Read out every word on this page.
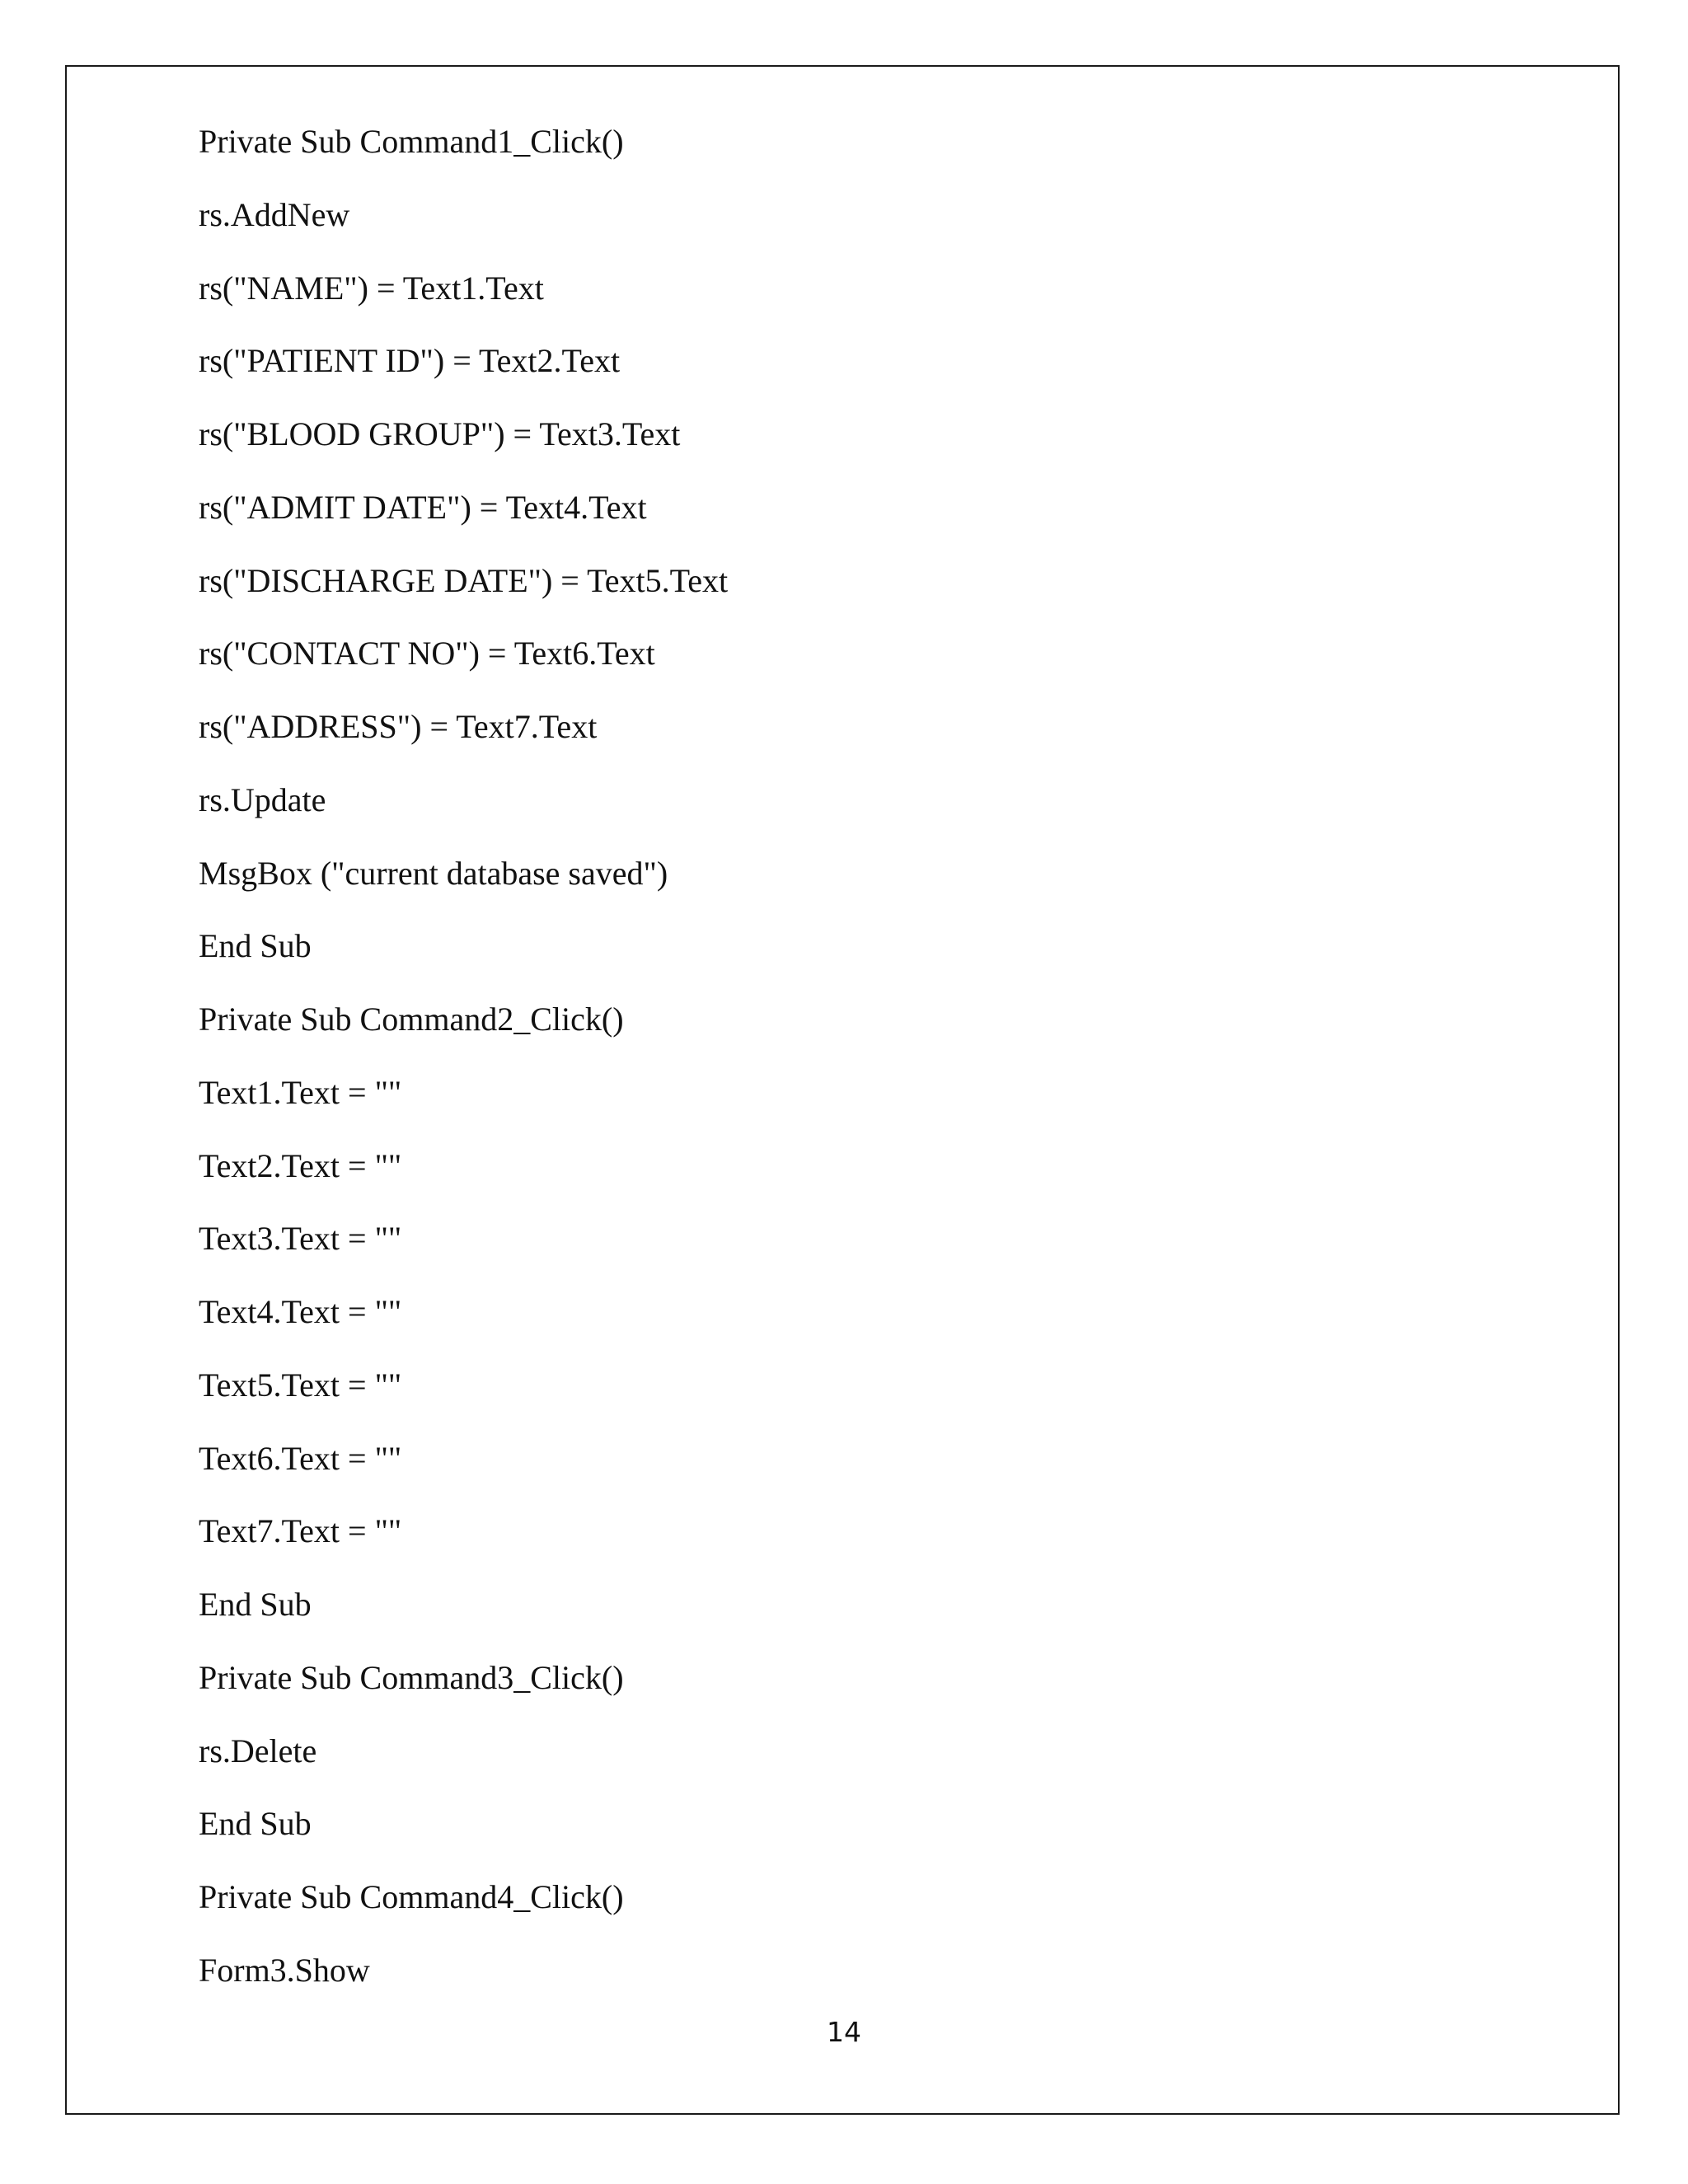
Private Sub Command1_Click()
rs.AddNew
rs("NAME") = Text1.Text
rs("PATIENT ID") = Text2.Text
rs("BLOOD GROUP") = Text3.Text
rs("ADMIT DATE") = Text4.Text
rs("DISCHARGE DATE") = Text5.Text
rs("CONTACT NO") = Text6.Text
rs("ADDRESS") = Text7.Text
rs.Update
MsgBox ("current database saved")
End Sub
Private Sub Command2_Click()
Text1.Text = ""
Text2.Text = ""
Text3.Text = ""
Text4.Text = ""
Text5.Text = ""
Text6.Text = ""
Text7.Text = ""
End Sub
Private Sub Command3_Click()
rs.Delete
End Sub
Private Sub Command4_Click()
Form3.Show
14
